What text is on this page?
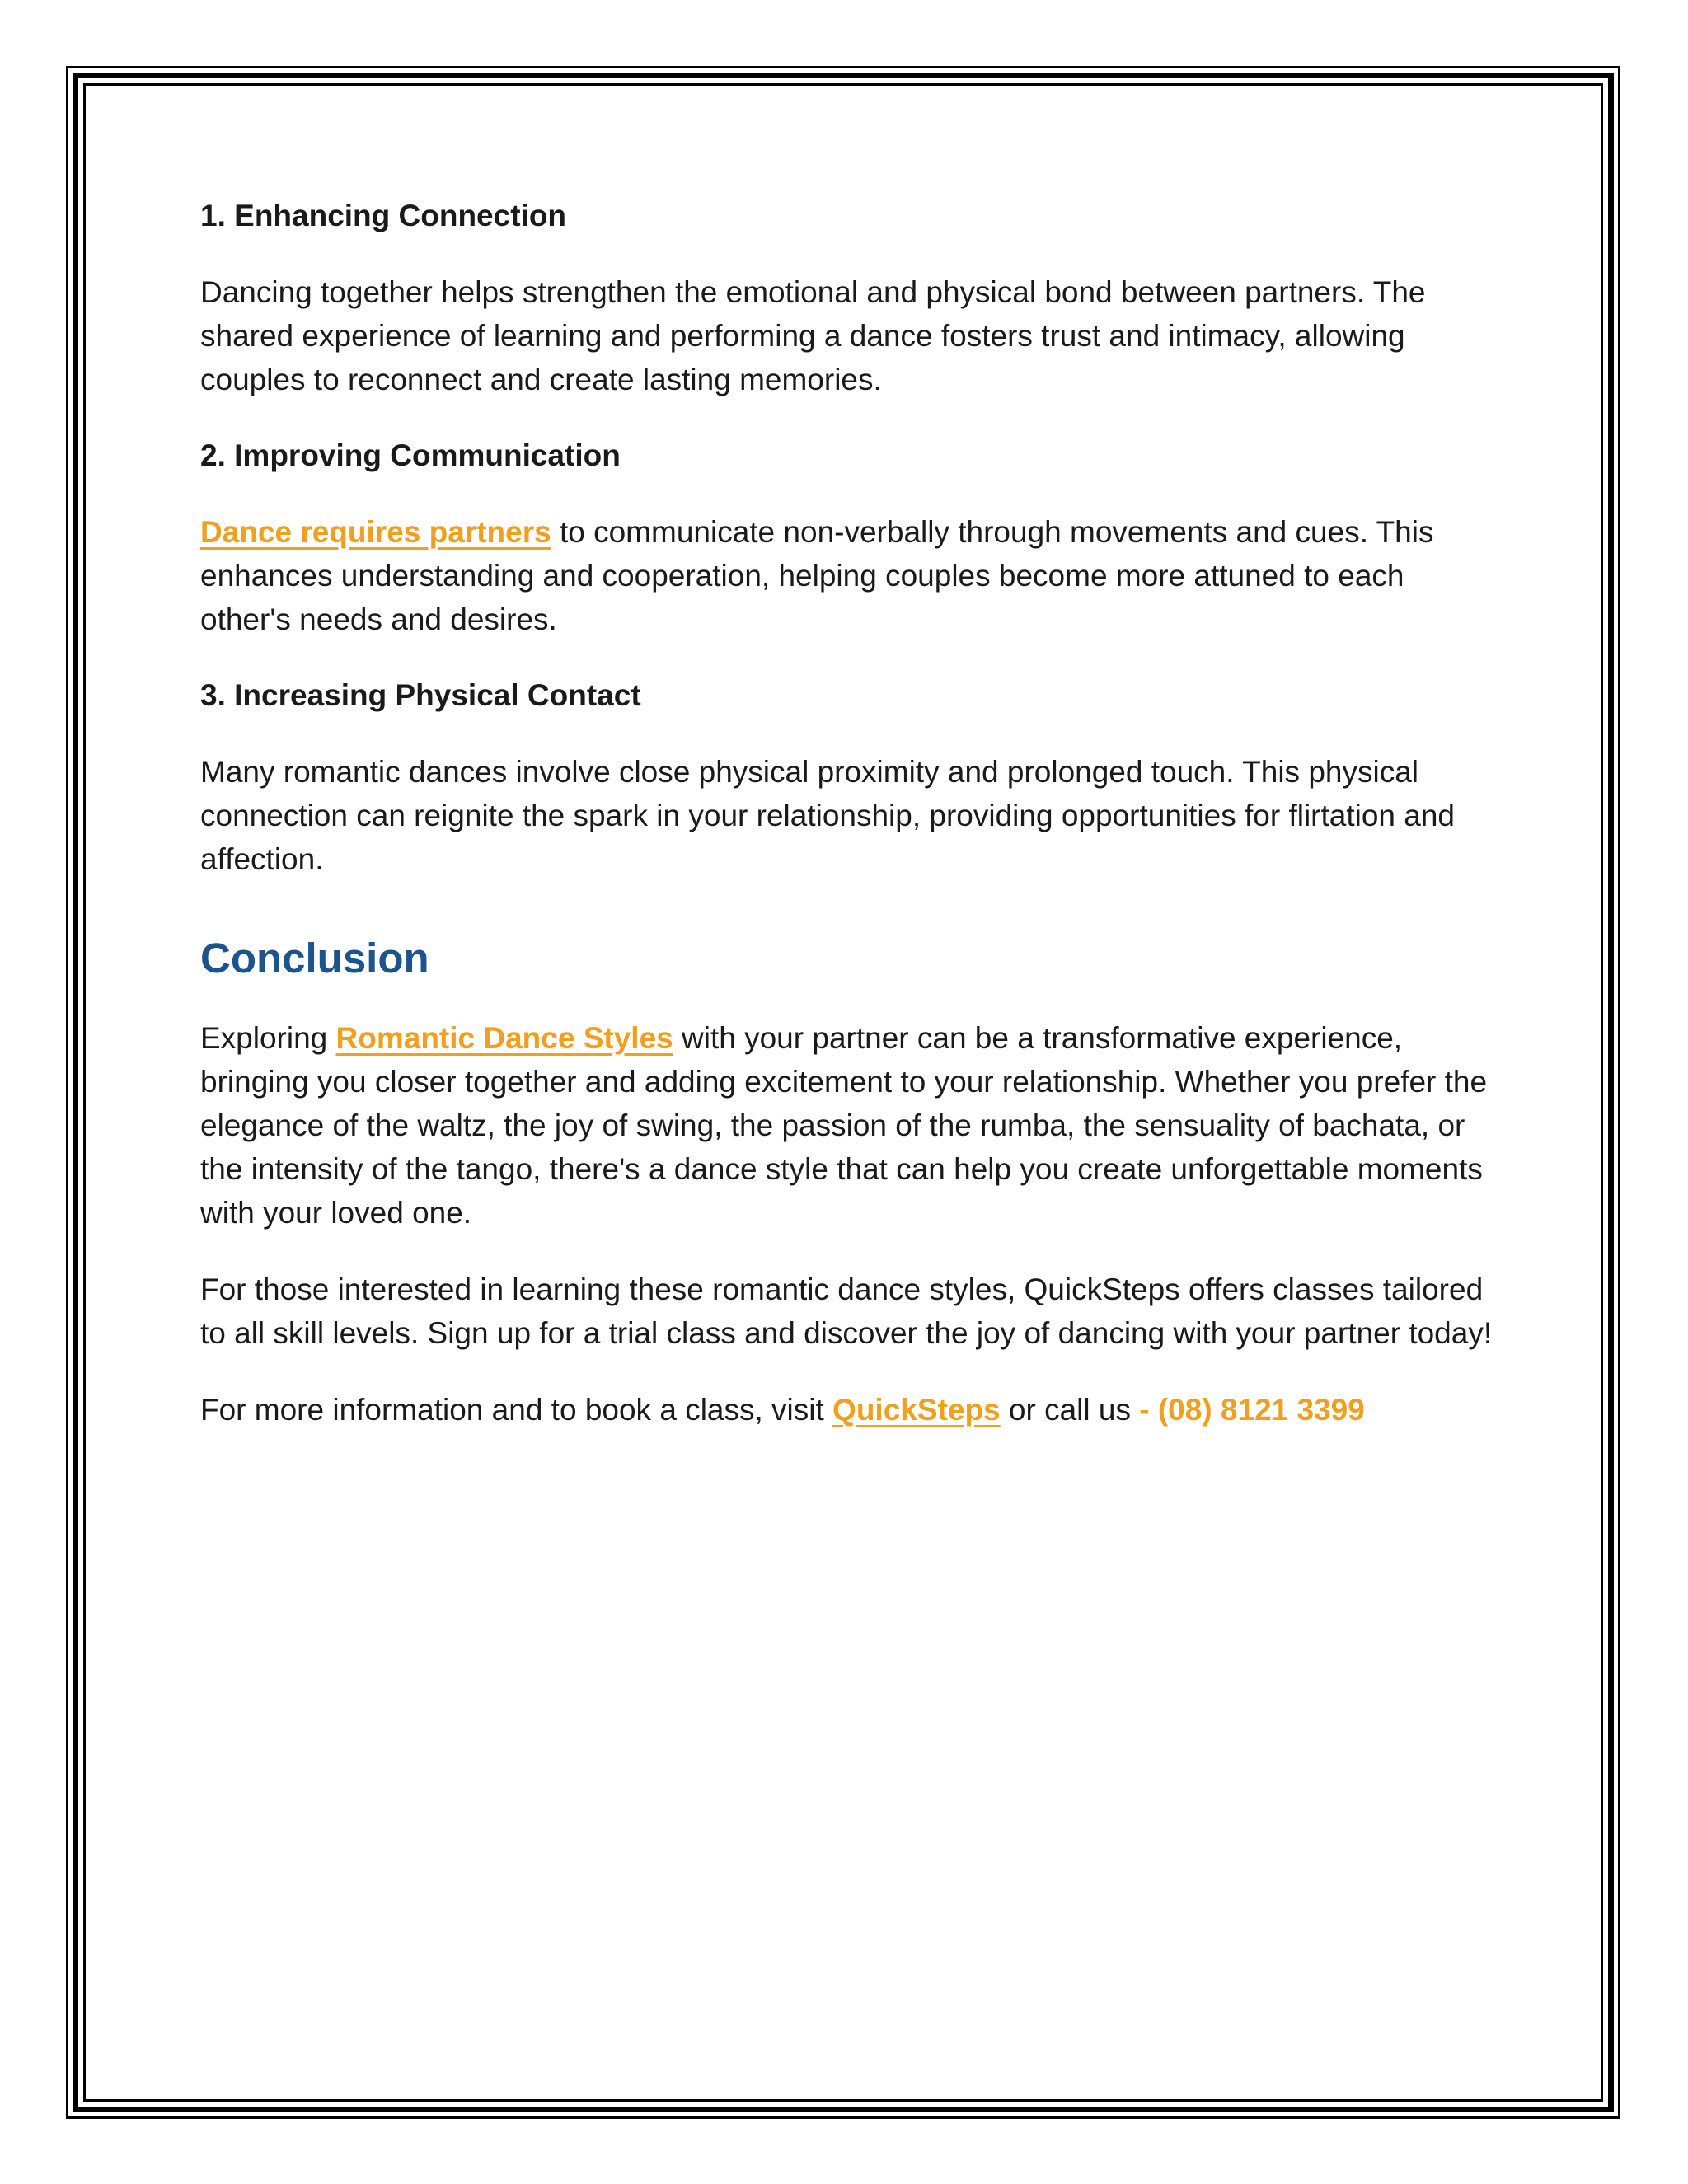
1. Enhancing Connection

Dancing together helps strengthen the emotional and physical bond between partners. The shared experience of learning and performing a dance fosters trust and intimacy, allowing couples to reconnect and create lasting memories.

2. Improving Communication

Dance requires partners to communicate non-verbally through movements and cues. This enhances understanding and cooperation, helping couples become more attuned to each other's needs and desires.

3. Increasing Physical Contact

Many romantic dances involve close physical proximity and prolonged touch. This physical connection can reignite the spark in your relationship, providing opportunities for flirtation and affection.

Conclusion

Exploring Romantic Dance Styles with your partner can be a transformative experience, bringing you closer together and adding excitement to your relationship. Whether you prefer the elegance of the waltz, the joy of swing, the passion of the rumba, the sensuality of bachata, or the intensity of the tango, there's a dance style that can help you create unforgettable moments with your loved one.

For those interested in learning these romantic dance styles, QuickSteps offers classes tailored to all skill levels. Sign up for a trial class and discover the joy of dancing with your partner today!

For more information and to book a class, visit QuickSteps or call us - (08) 8121 3399
